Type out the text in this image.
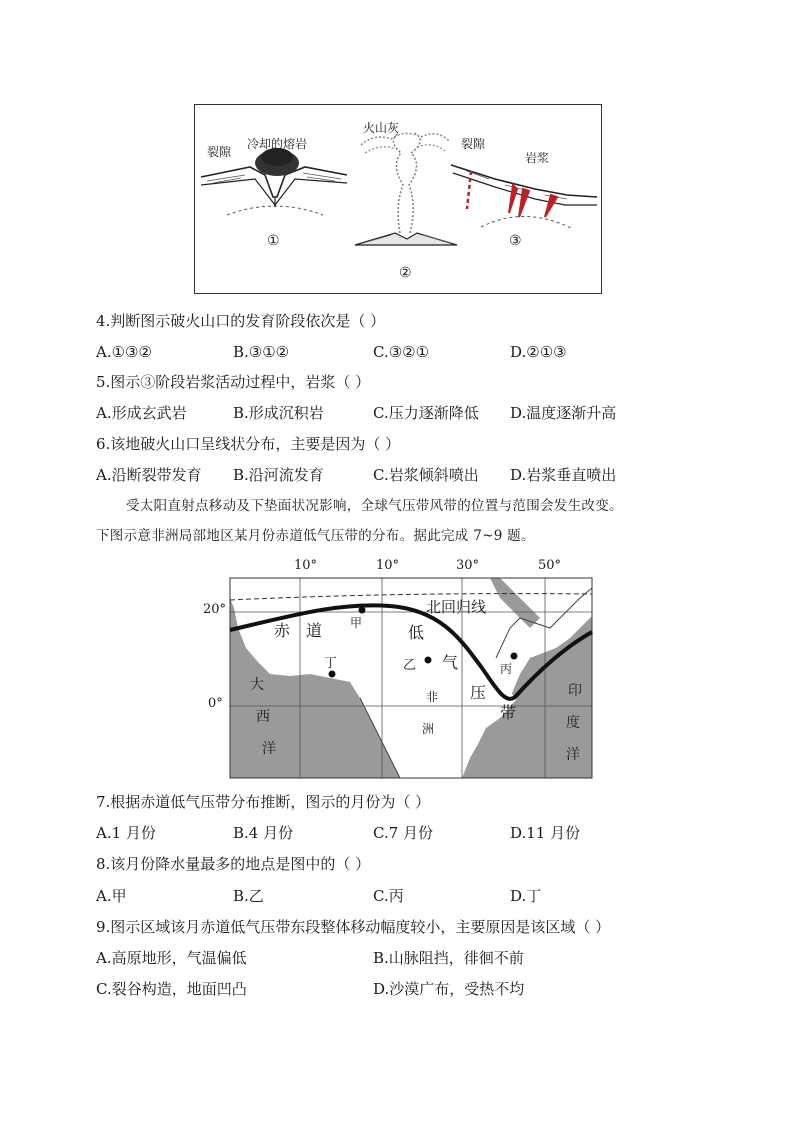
火山灰
裂隙
冷却的熔岩	裂隙
岩浆
①
②
③
4.判断图示破火山口的发育阶段依次是（ ）
A.①③②	B.③①②	C.③②①	D.②①③
5.图示③阶段岩浆活动过程中，岩浆（ ）
A.形成玄武岩	B.形成沉积岩	C.压力逐渐降低 D.温度逐渐升高
6.该地破火山口呈线状分布，主要是因为（ ）
A.沿断裂带发育 B.沿河流发育	C.岩浆倾斜喷出 D.岩浆垂直喷出
受太阳直射点移动及下垫面状况影响，全球气压带风带的位置与范围会发生改变。
下图示意非洲局部地区某月份赤道低气压带的分布。据此完成 7~9 题。
10°	10°	30°	50°
20°
0°
北回归线
赤 道	低
气
压
带
甲
乙	丙
丁
大
西
洋
非
洲
印
度
洋
7.根据赤道低气压带分布推断，图示的月份为（ ）
A.1 月份	B.4 月份	C.7 月份	D.11 月份
8.该月份降水量最多的地点是图中的（ ）
A.甲	B.乙	C.丙	D.丁
9.图示区域该月赤道低气压带东段整体移动幅度较小，主要原因是该区域（ ）
A.高原地形，气温偏低	B.山脉阻挡，徘徊不前
C.裂谷构造，地面凹凸	D.沙漠广布，受热不均
